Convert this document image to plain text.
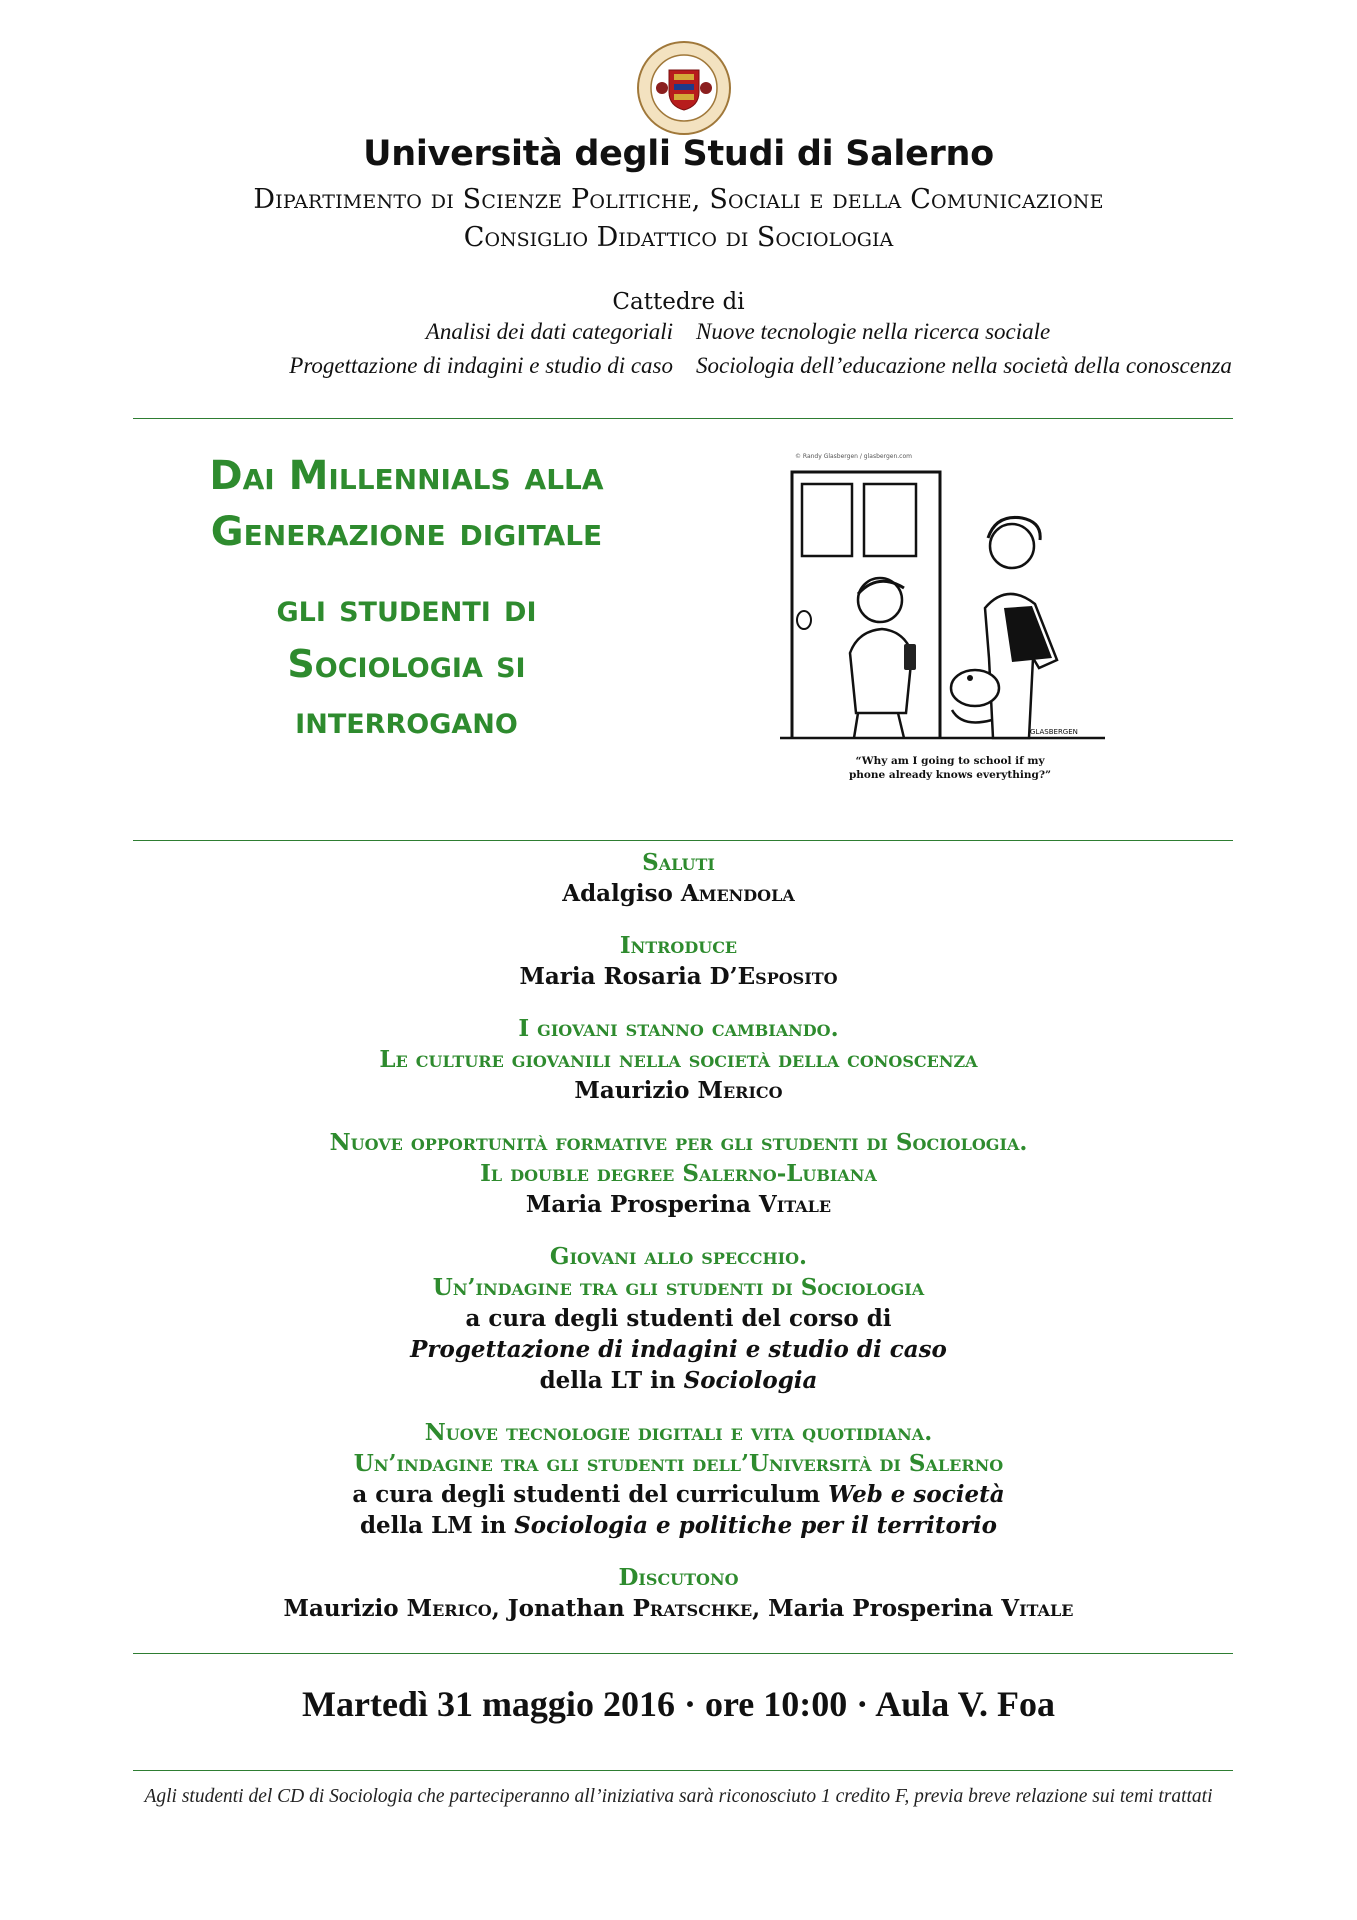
Università degli Studi di Salerno
Dipartimento di Scienze Politiche, Sociali e della Comunicazione
Consiglio Didattico di Sociologia
Cattedre di
Analisi dei dati categoriali Nuove tecnologie nella ricerca sociale
Progettazione di indagini e studio di caso Sociologia dell’educazione nella società della conoscenza
Dai Millennials alla
Generazione digitale
gli studenti di
Sociologia si
interrogano
© Randy Glasbergen / glasbergen.com
GLASBERGEN
“Why am I going to school if my
phone already knows everything?”
Saluti
Adalgiso Amendola
Introduce
Maria Rosaria D’Esposito
I giovani stanno cambiando.
Le culture giovanili nella società della conoscenza
Maurizio Merico
Nuove opportunità formative per gli studenti di Sociologia.
Il double degree Salerno-Lubiana
Maria Prosperina Vitale
Giovani allo specchio.
Un’indagine tra gli studenti di Sociologia
a cura degli studenti del corso di
Progettazione di indagini e studio di caso
della LT in Sociologia
Nuove tecnologie digitali e vita quotidiana.
Un’indagine tra gli studenti dell’Università di Salerno
a cura degli studenti del curriculum Web e società
della LM in Sociologia e politiche per il territorio
Discutono
Maurizio Merico, Jonathan Pratschke, Maria Prosperina Vitale
Martedì 31 maggio 2016 · ore 10:00 · Aula V. Foa
Agli studenti del CD di Sociologia che parteciperanno all’iniziativa sarà riconosciuto 1 credito F, previa breve relazione sui temi trattati
